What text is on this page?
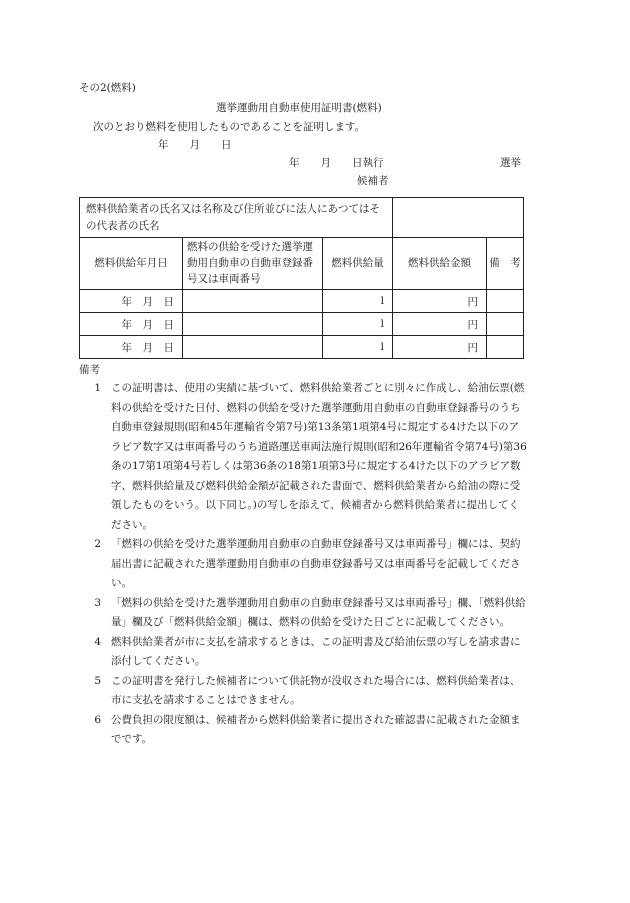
その2(燃料)
選挙運動用自動車使用証明書(燃料)
次のとおり燃料を使用したものであることを証明します。
年　　月　　日
年　　月　　日執行	選挙
候補者
燃料供給業者の氏名又は名称及び住所並びに法人にあつてはその代表者の氏名				
燃料供給年月日	燃料の供給を受けた選挙運動用自動車の自動車登録番号又は車両番号	燃料供給量	燃料供給金額	備　考
年　月　日		l	円	
年　月　日		l	円	
年　月　日		l	円	
備考
1 この証明書は、使用の実績に基づいて、燃料供給業者ごとに別々に作成し、給油伝票(燃料の供給を受けた日付、燃料の供給を受けた選挙運動用自動車の自動車登録番号のうち自動車登録規則(昭和45年運輸省令第7号)第13条第1項第4号に規定する4けた以下のアラビア数字又は車両番号のうち道路運送車両法施行規則(昭和26年運輸省令第74号)第36条の17第1項第4号若しくは第36条の18第1項第3号に規定する4けた以下のアラビア数字、燃料供給量及び燃料供給金額が記載された書面で、燃料供給業者から給油の際に受領したものをいう。以下同じ。)の写しを添えて、候補者から燃料供給業者に提出してください。
2 「燃料の供給を受けた選挙運動用自動車の自動車登録番号又は車両番号」欄には、契約届出書に記載された選挙運動用自動車の自動車登録番号又は車両番号を記載してください。
3 「燃料の供給を受けた選挙運動用自動車の自動車登録番号又は車両番号」欄、「燃料供給量」欄及び「燃料供給金額」欄は、燃料の供給を受けた日ごとに記載してください。
4 燃料供給業者が市に支払を請求するときは、この証明書及び給油伝票の写しを請求書に添付してください。
5 この証明書を発行した候補者について供託物が没収された場合には、燃料供給業者は、市に支払を請求することはできません。
6 公費負担の限度額は、候補者から燃料供給業者に提出された確認書に記載された金額までです。
